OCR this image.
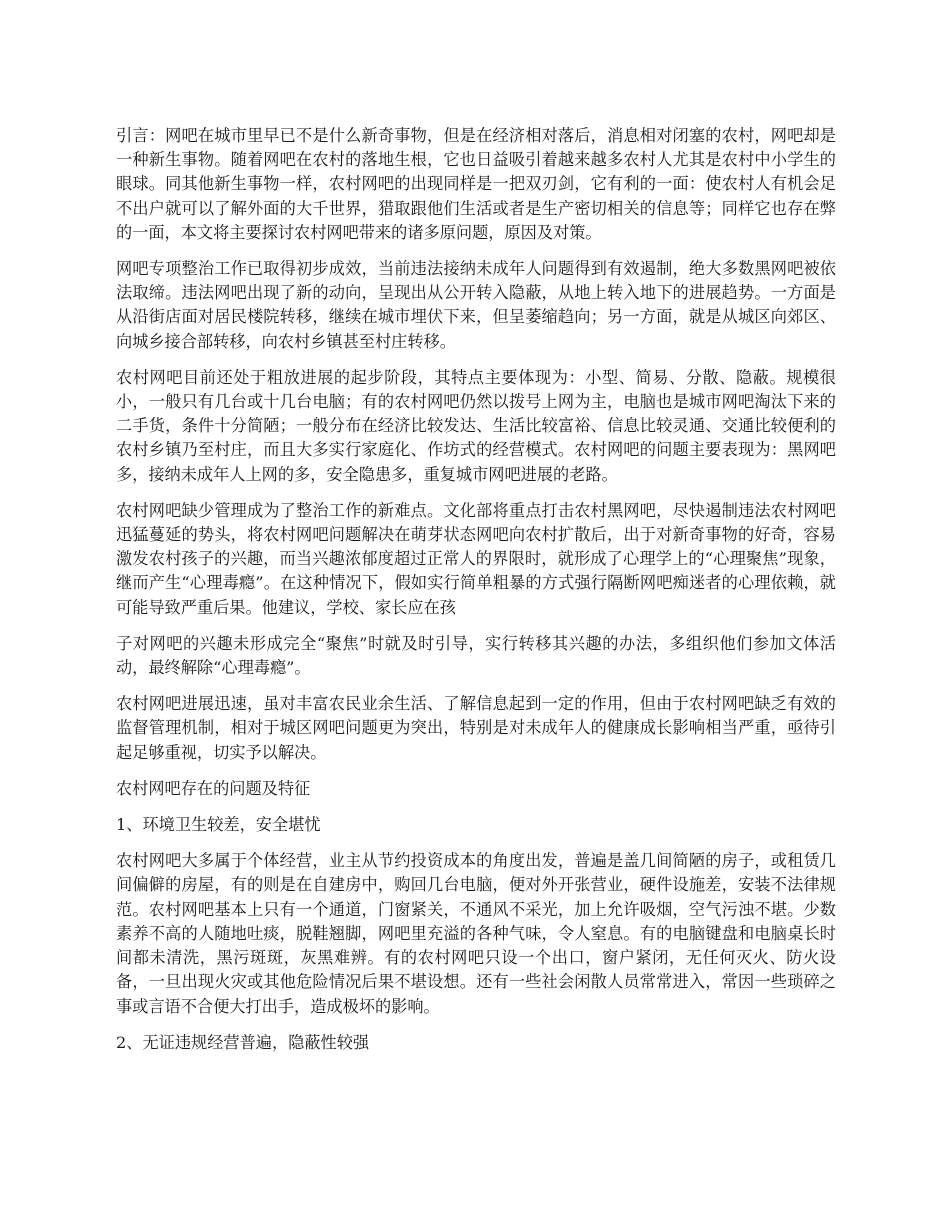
引言：网吧在城市里早已不是什么新奇事物，但是在经济相对落后，消息相对闭塞的农村，网吧却是一种新生事物。随着网吧在农村的落地生根，它也日益吸引着越来越多农村人尤其是农村中小学生的眼球。同其他新生事物一样，农村网吧的出现同样是一把双刃剑，它有利的一面：使农村人有机会足不出户就可以了解外面的大千世界，猎取跟他们生活或者是生产密切相关的信息等；同样它也存在弊的一面，本文将主要探讨农村网吧带来的诸多原问题，原因及对策。

网吧专项整治工作已取得初步成效，当前违法接纳未成年人问题得到有效遏制，绝大多数黑网吧被依法取缔。违法网吧出现了新的动向，呈现出从公开转入隐蔽，从地上转入地下的进展趋势。一方面是从沿街店面对居民楼院转移，继续在城市埋伏下来，但呈萎缩趋向；另一方面，就是从城区向郊区、向城乡接合部转移，向农村乡镇甚至村庄转移。

农村网吧目前还处于粗放进展的起步阶段，其特点主要体现为：小型、简易、分散、隐蔽。规模很小，一般只有几台或十几台电脑；有的农村网吧仍然以拨号上网为主，电脑也是城市网吧淘汰下来的二手货，条件十分简陋；一般分布在经济比较发达、生活比较富裕、信息比较灵通、交通比较便利的农村乡镇乃至村庄，而且大多实行家庭化、作坊式的经营模式。农村网吧的问题主要表现为：黑网吧多，接纳未成年人上网的多，安全隐患多，重复城市网吧进展的老路。

农村网吧缺少管理成为了整治工作的新难点。文化部将重点打击农村黑网吧，尽快遏制违法农村网吧迅猛蔓延的势头，将农村网吧问题解决在萌芽状态网吧向农村扩散后，出于对新奇事物的好奇，容易激发农村孩子的兴趣，而当兴趣浓郁度超过正常人的界限时，就形成了心理学上的“心理聚焦”现象，继而产生“心理毒瘾”。在这种情况下，假如实行简单粗暴的方式强行隔断网吧痴迷者的心理依赖，就可能导致严重后果。他建议，学校、家长应在孩

子对网吧的兴趣未形成完全“聚焦”时就及时引导，实行转移其兴趣的办法，多组织他们参加文体活动，最终解除“心理毒瘾”。

农村网吧进展迅速，虽对丰富农民业余生活、了解信息起到一定的作用，但由于农村网吧缺乏有效的监督管理机制，相对于城区网吧问题更为突出，特别是对未成年人的健康成长影响相当严重，亟待引起足够重视，切实予以解决。

农村网吧存在的问题及特征

1、环境卫生较差，安全堪忧

农村网吧大多属于个体经营，业主从节约投资成本的角度出发，普遍是盖几间简陋的房子，或租赁几间偏僻的房屋，有的则是在自建房中，购回几台电脑，便对外开张营业，硬件设施差，安装不法律规范。农村网吧基本上只有一个通道，门窗紧关，不通风不采光，加上允许吸烟，空气污浊不堪。少数素养不高的人随地吐痰，脱鞋翘脚，网吧里充溢的各种气味，令人窒息。有的电脑键盘和电脑桌长时间都未清洗，黑污斑斑，灰黑难辨。有的农村网吧只设一个出口，窗户紧闭，无任何灭火、防火设备，一旦出现火灾或其他危险情况后果不堪设想。还有一些社会闲散人员常常进入，常因一些琐碎之事或言语不合便大打出手，造成极坏的影响。

2、无证违规经营普遍，隐蔽性较强
